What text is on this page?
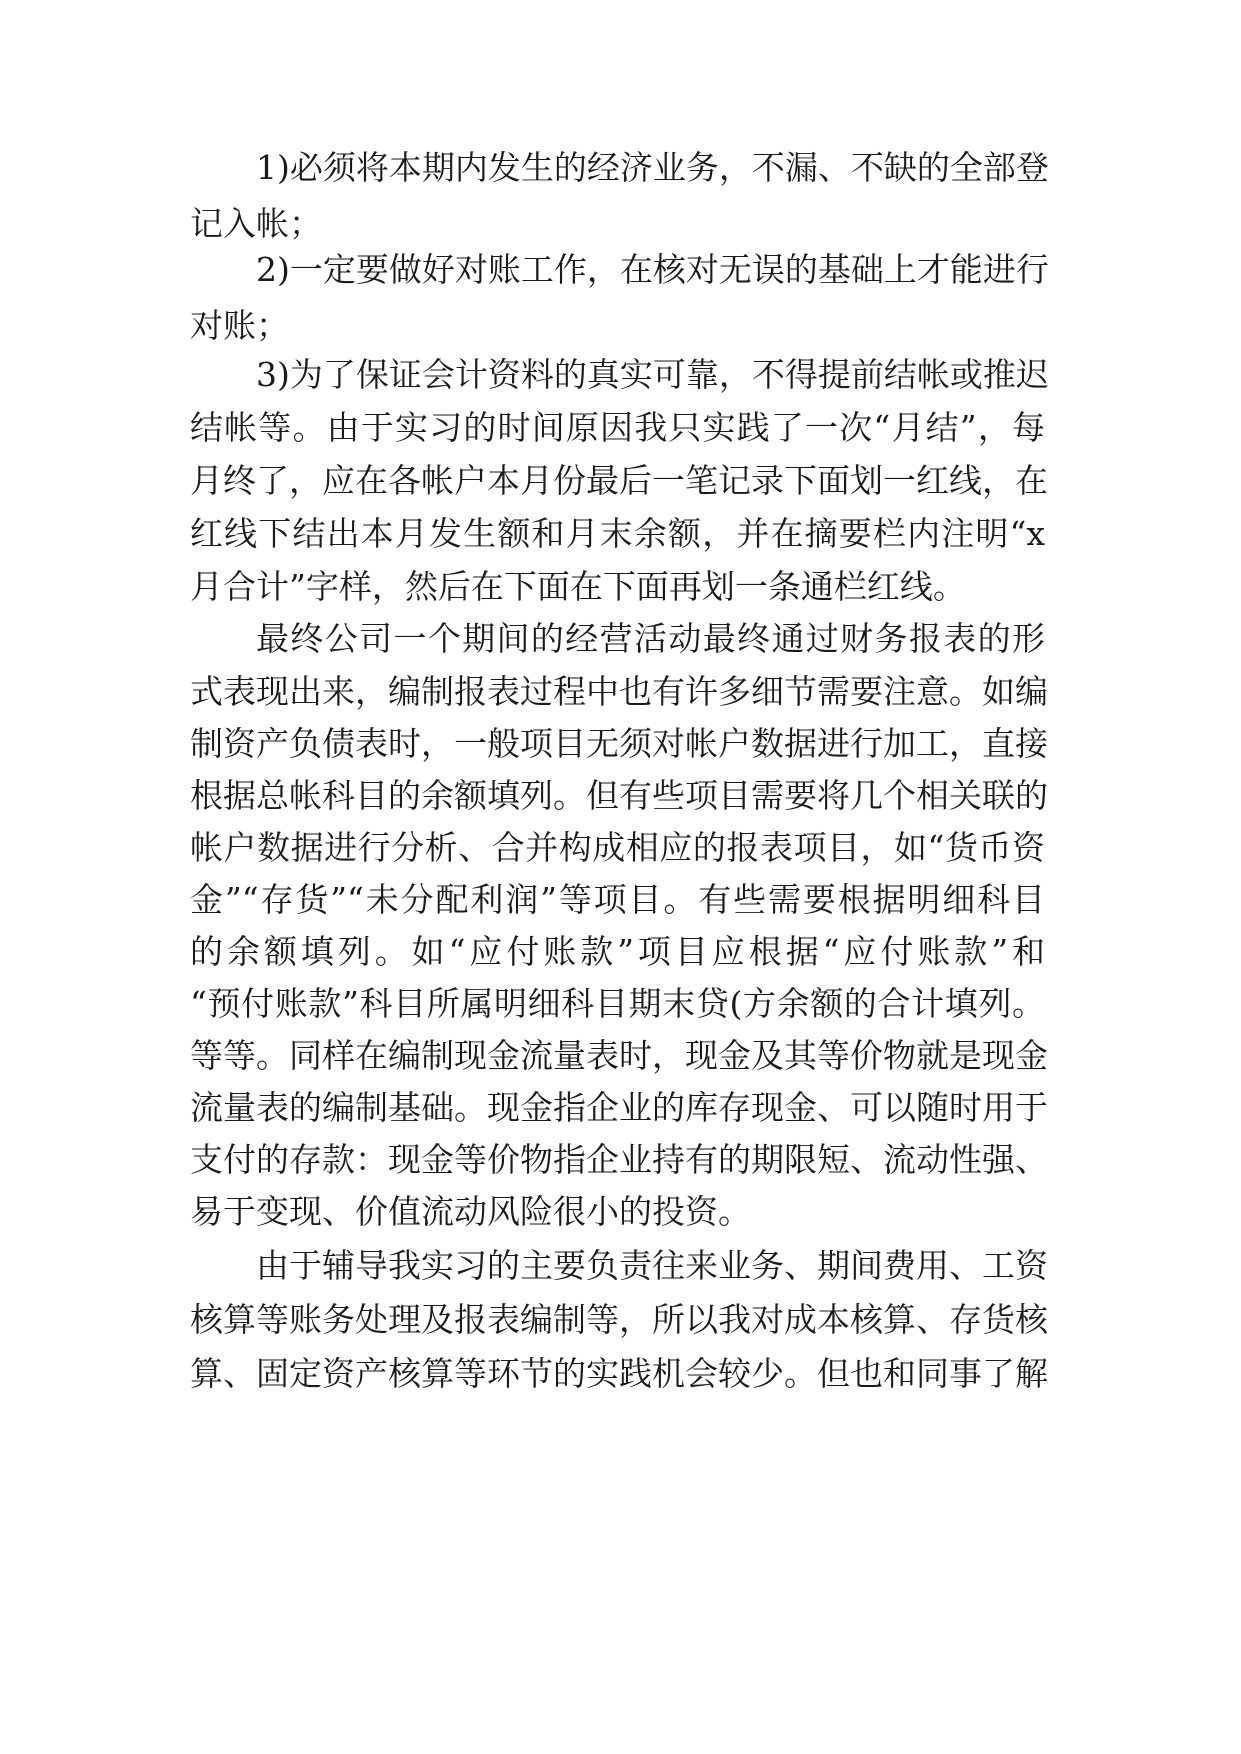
1)必须将本期内发生的经济业务，不漏、不缺的全部登
记入帐；
2)一定要做好对账工作，在核对无误的基础上才能进行
对账；
3)为了保证会计资料的真实可靠，不得提前结帐或推迟
结帐等。由于实习的时间原因我只实践了一次“月结”，每
月终了，应在各帐户本月份最后一笔记录下面划一红线，在
红线下结出本月发生额和月末余额，并在摘要栏内注明“x
月合计”字样，然后在下面在下面再划一条通栏红线。
最终公司一个期间的经营活动最终通过财务报表的形
式表现出来，编制报表过程中也有许多细节需要注意。如编
制资产负债表时，一般项目无须对帐户数据进行加工，直接
根据总帐科目的余额填列。但有些项目需要将几个相关联的
帐户数据进行分析、合并构成相应的报表项目，如“货币资
金”“存货”“未分配利润”等项目。有些需要根据明细科目
的余额填列。如“应付账款”项目应根据“应付账款”和
“预付账款”科目所属明细科目期末贷(方余额的合计填列。
等等。同样在编制现金流量表时，现金及其等价物就是现金
流量表的编制基础。现金指企业的库存现金、可以随时用于
支付的存款：现金等价物指企业持有的期限短、流动性强、
易于变现、价值流动风险很小的投资。
由于辅导我实习的主要负责往来业务、期间费用、工资
核算等账务处理及报表编制等，所以我对成本核算、存货核
算、固定资产核算等环节的实践机会较少。但也和同事了解
